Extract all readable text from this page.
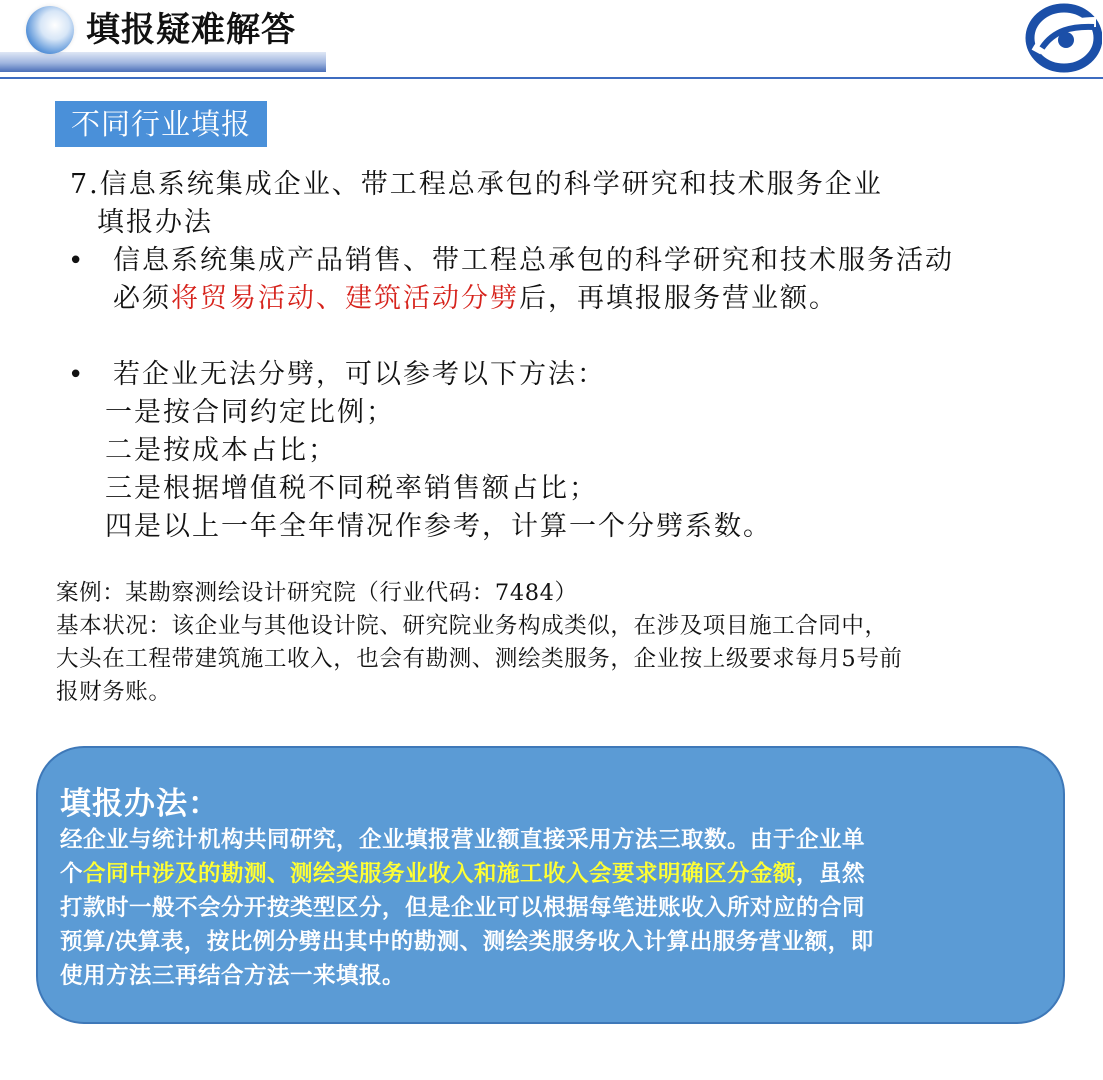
填报疑难解答
不同行业填报
7.信息系统集成企业、带工程总承包的科学研究和技术服务企业
填报办法
• 信息系统集成产品销售、带工程总承包的科学研究和技术服务活动
必须将贸易活动、建筑活动分劈后，再填报服务营业额。
• 若企业无法分劈，可以参考以下方法：
一是按合同约定比例；
二是按成本占比；
三是根据增值税不同税率销售额占比；
四是以上一年全年情况作参考，计算一个分劈系数。
案例：某勘察测绘设计研究院（行业代码：7484）
基本状况：该企业与其他设计院、研究院业务构成类似，在涉及项目施工合同中，
大头在工程带建筑施工收入，也会有勘测、测绘类服务，企业按上级要求每月5号前
报财务账。
填报办法：
经企业与统计机构共同研究，企业填报营业额直接采用方法三取数。由于企业单
个合同中涉及的勘测、测绘类服务业收入和施工收入会要求明确区分金额，虽然
打款时一般不会分开按类型区分，但是企业可以根据每笔进账收入所对应的合同
预算/决算表，按比例分劈出其中的勘测、测绘类服务收入计算出服务营业额，即
使用方法三再结合方法一来填报。
